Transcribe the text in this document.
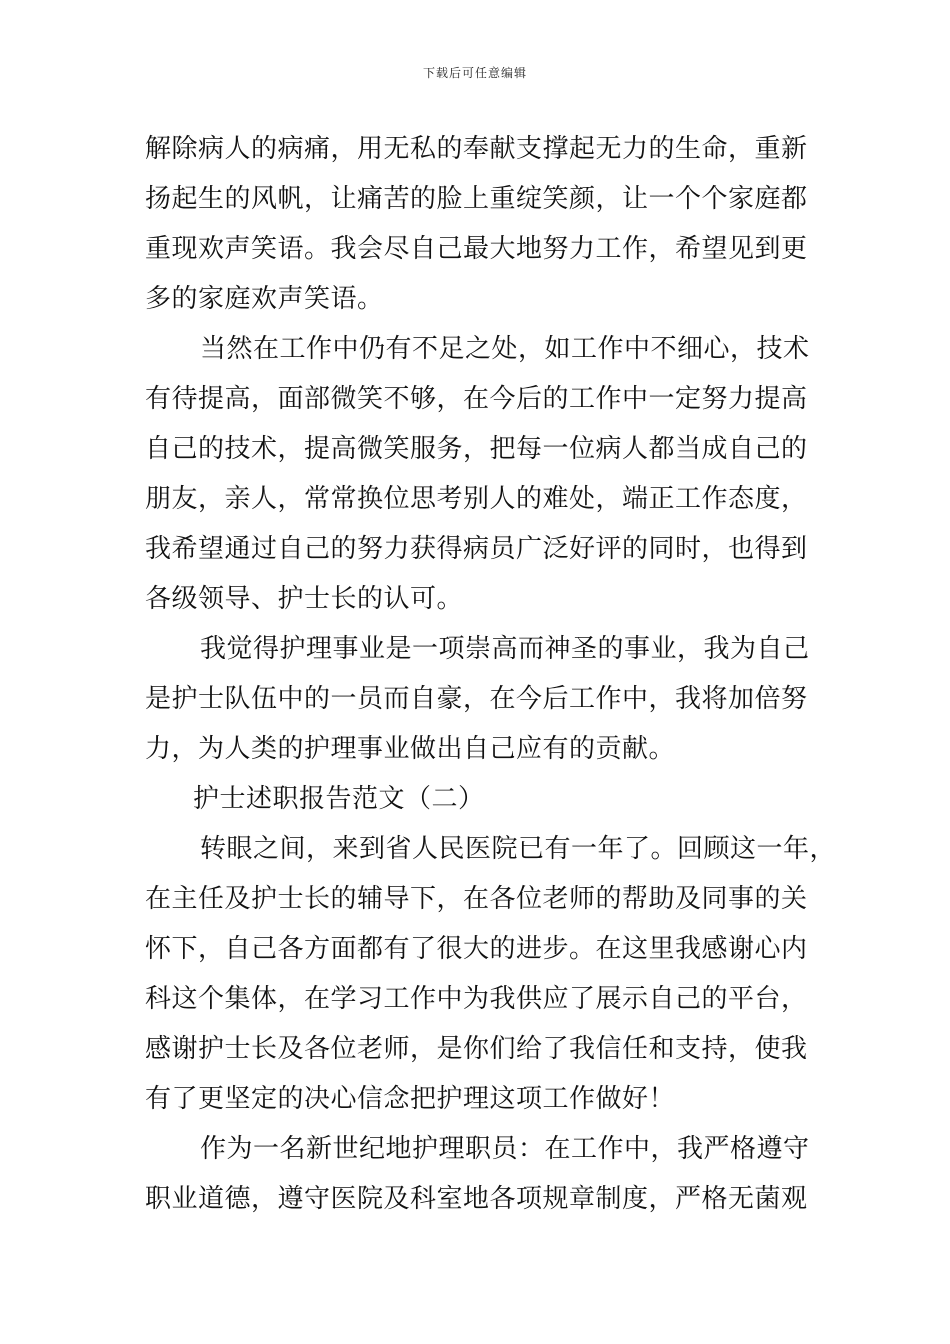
下载后可任意编辑
解除病人的病痛，用无私的奉献支撑起无力的生命，重新
扬起生的风帆，让痛苦的脸上重绽笑颜，让一个个家庭都
重现欢声笑语。我会尽自己最大地努力工作，希望见到更
多的家庭欢声笑语。
当然在工作中仍有不足之处，如工作中不细心，技术
有待提高，面部微笑不够，在今后的工作中一定努力提高
自己的技术，提高微笑服务，把每一位病人都当成自己的
朋友，亲人，常常换位思考别人的难处，端正工作态度，
我希望通过自己的努力获得病员广泛好评的同时，也得到
各级领导、护士长的认可。
我觉得护理事业是一项崇高而神圣的事业，我为自己
是护士队伍中的一员而自豪，在今后工作中，我将加倍努
力，为人类的护理事业做出自己应有的贡献。
护士述职报告范文（二）
转眼之间，来到省人民医院已有一年了。回顾这一年，
在主任及护士长的辅导下，在各位老师的帮助及同事的关
怀下，自己各方面都有了很大的进步。在这里我感谢心内
科这个集体，在学习工作中为我供应了展示自己的平台，
感谢护士长及各位老师，是你们给了我信任和支持，使我
有了更坚定的决心信念把护理这项工作做好！
作为一名新世纪地护理职员：在工作中，我严格遵守
职业道德，遵守医院及科室地各项规章制度，严格无菌观
